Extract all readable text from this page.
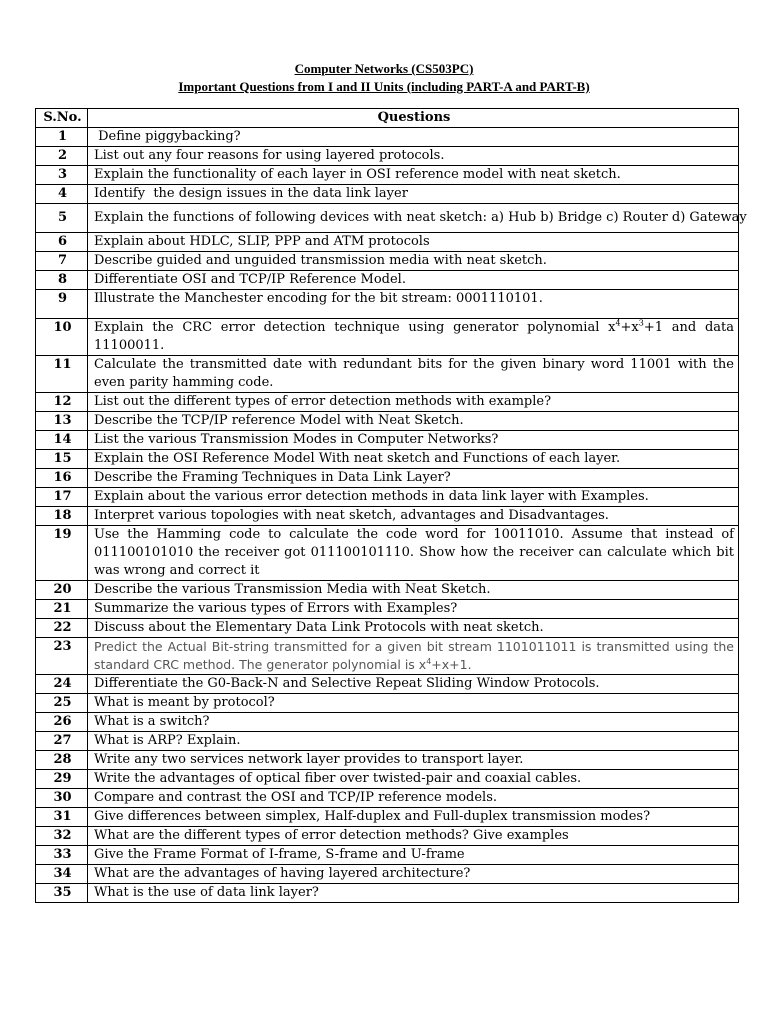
Computer Networks (CS503PC)
Important Questions from I and II Units (including PART-A and PART-B)
S.No.	Questions
1	Define piggybacking?
2	List out any four reasons for using layered protocols.
3	Explain the functionality of each layer in OSI reference model with neat sketch.
4	Identify  the design issues in the data link layer
5	Explain the functions of following devices with neat sketch: a) Hub b) Bridge c) Router d) Gateway
6	Explain about HDLC, SLIP, PPP and ATM protocols
7	Describe guided and unguided transmission media with neat sketch.
8	Differentiate OSI and TCP/IP Reference Model.
9	Illustrate the Manchester encoding for the bit stream: 0001110101.
10	Explain the CRC error detection technique using generator polynomial $x^4+x^3+1$ and data 11100011.
11	Calculate the transmitted date with redundant bits for the given binary word 11001 with the even parity hamming code.
12	List out the different types of error detection methods with example?
13	Describe the TCP/IP reference Model with Neat Sketch.
14	List the various Transmission Modes in Computer Networks?
15	Explain the OSI Reference Model With neat sketch and Functions of each layer.
16	Describe the Framing Techniques in Data Link Layer?
17	Explain about the various error detection methods in data link layer with Examples.
18	Interpret various topologies with neat sketch, advantages and Disadvantages.
19	Use the Hamming code to calculate the code word for 10011010. Assume that instead of 011100101010 the receiver got 011100101110. Show how the receiver can calculate which bit was wrong and correct it
20	Describe the various Transmission Media with Neat Sketch.
21	Summarize the various types of Errors with Examples?
22	Discuss about the Elementary Data Link Protocols with neat sketch.
23	Predict the Actual Bit-string transmitted for a given bit stream 1101011011 is transmitted using the standard CRC method. The generator polynomial is $x^4+x+1$.
24	Differentiate the G0-Back-N and Selective Repeat Sliding Window Protocols.
25	What is meant by protocol?
26	What is a switch?
27	What is ARP? Explain.
28	Write any two services network layer provides to transport layer.
29	Write the advantages of optical fiber over twisted-pair and coaxial cables.
30	Compare and contrast the OSI and TCP/IP reference models.
31	Give differences between simplex, Half-duplex and Full-duplex transmission modes?
32	What are the different types of error detection methods? Give examples
33	Give the Frame Format of I-frame, S-frame and U-frame
34	What are the advantages of having layered architecture?
35	What is the use of data link layer?
